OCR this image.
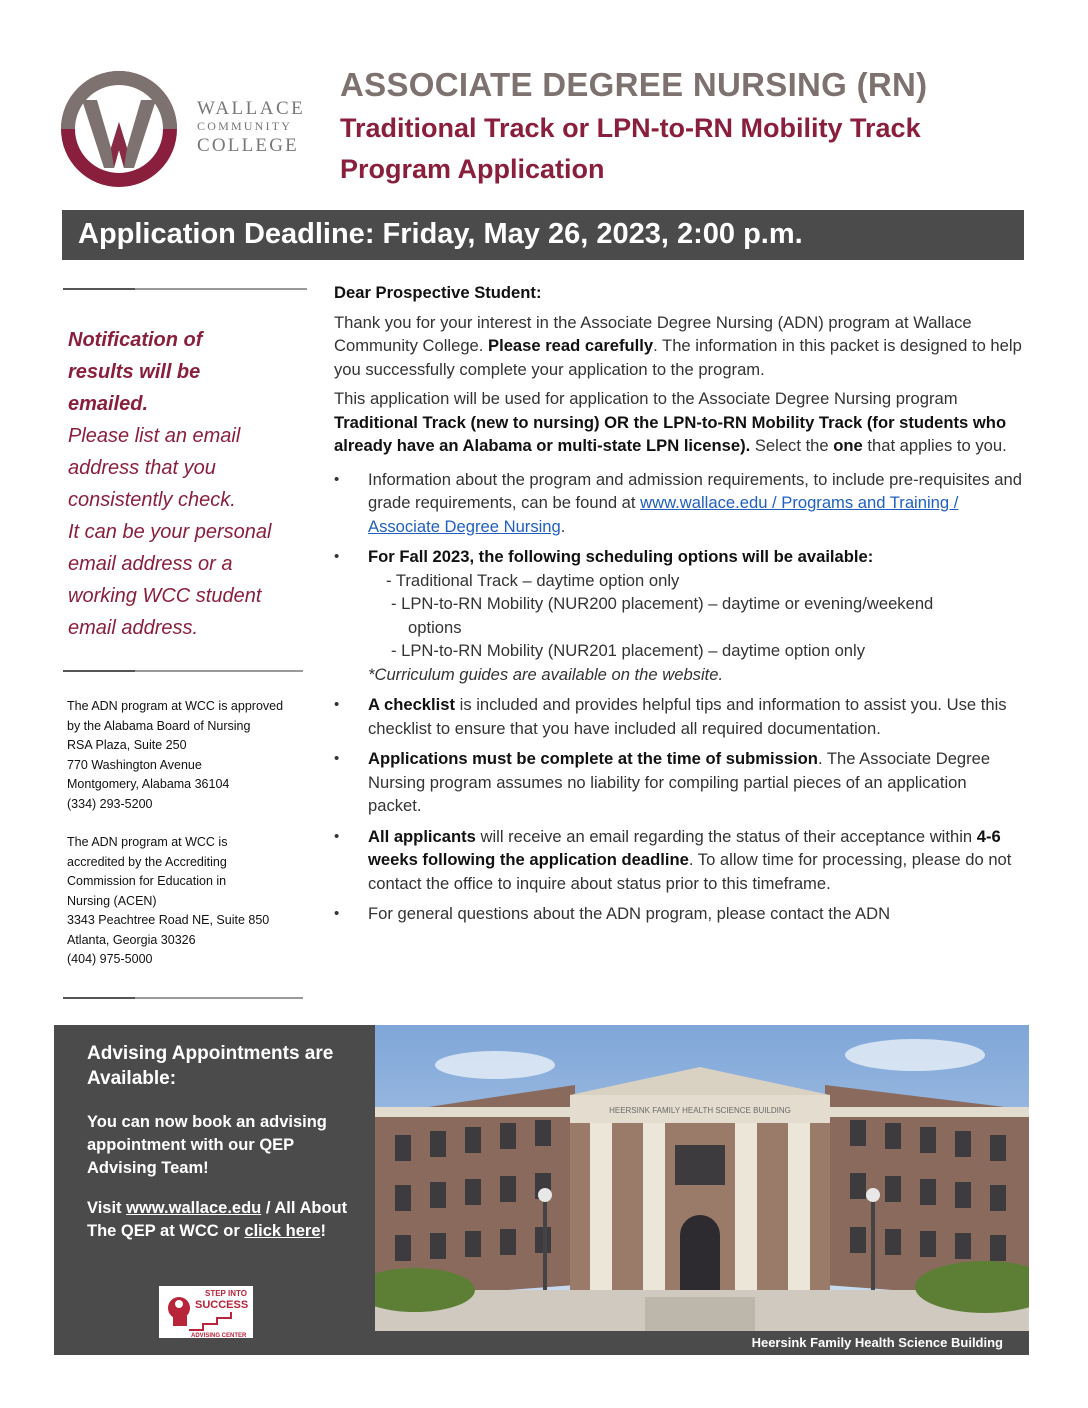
WALLACE
COMMUNITY
COLLEGE
ASSOCIATE DEGREE NURSING (RN)
Traditional Track or LPN-to-RN Mobility Track
Program Application
Application Deadline: Friday, May 26, 2023, 2:00 p.m.
Notification of
results will be
emailed.
Please list an email
address that you
consistently check.
It can be your personal
email address or a
working WCC student
email address.
The ADN program at WCC is approved
by the Alabama Board of Nursing
RSA Plaza, Suite 250
770 Washington Avenue
Montgomery, Alabama 36104
(334) 293-5200
The ADN program at WCC is
accredited by the Accrediting
Commission for Education in
Nursing (ACEN)
3343 Peachtree Road NE, Suite 850
Atlanta, Georgia 30326
(404) 975-5000

Dear Prospective Student:

Thank you for your interest in the Associate Degree Nursing (ADN) program at Wallace Community College. Please read carefully. The information in this packet is designed to help you successfully complete your application to the program.

This application will be used for application to the Associate Degree Nursing program Traditional Track (new to nursing) OR the LPN-to-RN Mobility Track (for students who already have an Alabama or multi-state LPN license). Select the one that applies to you.

• Information about the program and admission requirements, to include pre-requisites and grade requirements, can be found at www.wallace.edu / Programs and Training / Associate Degree Nursing.
• For Fall 2023, the following scheduling options will be available:
- Traditional Track – daytime option only
- LPN-to-RN Mobility (NUR200 placement) – daytime or evening/weekend
options
- LPN-to-RN Mobility (NUR201 placement) – daytime option only
*Curriculum guides are available on the website.
• A checklist is included and provides helpful tips and information to assist you. Use this checklist to ensure that you have included all required documentation.
• Applications must be complete at the time of submission. The Associate Degree Nursing program assumes no liability for compiling partial pieces of an application packet.
• All applicants will receive an email regarding the status of their acceptance within 4-6 weeks following the application deadline. To allow time for processing, please do not contact the office to inquire about status prior to this timeframe.
• For general questions about the ADN program, please contact the ADN
Advising Appointments are Available:
You can now book an advising appointment with our QEP Advising Team!
Visit www.wallace.edu / All About The QEP at WCC or click here!
STEP INTO
SUCCESS
ADVISING CENTER
HEERSINK FAMILY HEALTH SCIENCE BUILDING
Heersink Family Health Science Building
